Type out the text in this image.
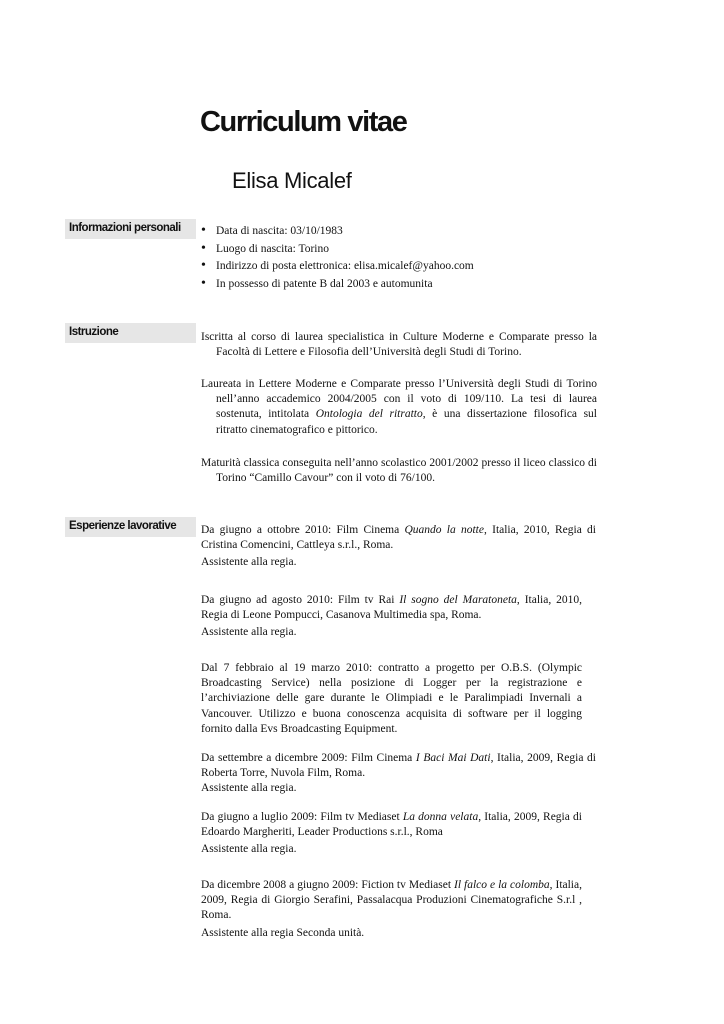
Curriculum vitae
Elisa Micalef
Informazioni personali
•	Data di nascita: 03/10/1983
• Luogo di nascita: Torino
• Indirizzo di posta elettronica: elisa.micalef@yahoo.com
• In possesso di patente B dal 2003 e automunita
Istruzione	Iscritta al corso di laurea specialistica in Culture Moderne e Comparate presso la Facoltà di Lettere e Filosofia dell’Università degli Studi di Torino.

Laureata in Lettere Moderne e Comparate presso l’Università degli Studi di Torino nell’anno accademico 2004/2005 con il voto di 109/110. La tesi di laurea sostenuta, intitolata Ontologia del ritratto, è una dissertazione filosofica sul ritratto cinematografico e pittorico.

Maturità classica conseguita nell’anno scolastico 2001/2002 presso il liceo classico di Torino “Camillo Cavour” con il voto di 76/100.

Esperienze lavorative	Da giugno a ottobre 2010: Film Cinema Quando la notte, Italia, 2010, Regia di Cristina Comencini, Cattleya s.r.l., Roma.

Assistente alla regia.

Da giugno ad agosto 2010: Film tv Rai Il sogno del Maratoneta, Italia, 2010, Regia di Leone Pompucci, Casanova Multimedia spa, Roma.

Assistente alla regia.

Dal 7 febbraio al 19 marzo 2010: contratto a progetto per O.B.S. (Olympic Broadcasting Service) nella posizione di Logger per la registrazione e l’archiviazione delle gare durante le Olimpiadi e le Paralimpiadi Invernali a Vancouver. Utilizzo e buona conoscenza acquisita di software per il logging fornito dalla Evs Broadcasting Equipment.

Da settembre a dicembre 2009: Film Cinema I Baci Mai Dati, Italia, 2009, Regia di Roberta Torre, Nuvola Film, Roma.

Assistente alla regia.

Da giugno a luglio 2009: Film tv Mediaset La donna velata, Italia, 2009, Regia di Edoardo Margheriti, Leader Productions s.r.l., Roma

Assistente alla regia.

Da dicembre 2008 a giugno 2009: Fiction tv Mediaset Il falco e la colomba, Italia, 2009, Regia di Giorgio Serafini, Passalacqua Produzioni Cinematografiche S.r.l , Roma.

Assistente alla regia Seconda unità.
